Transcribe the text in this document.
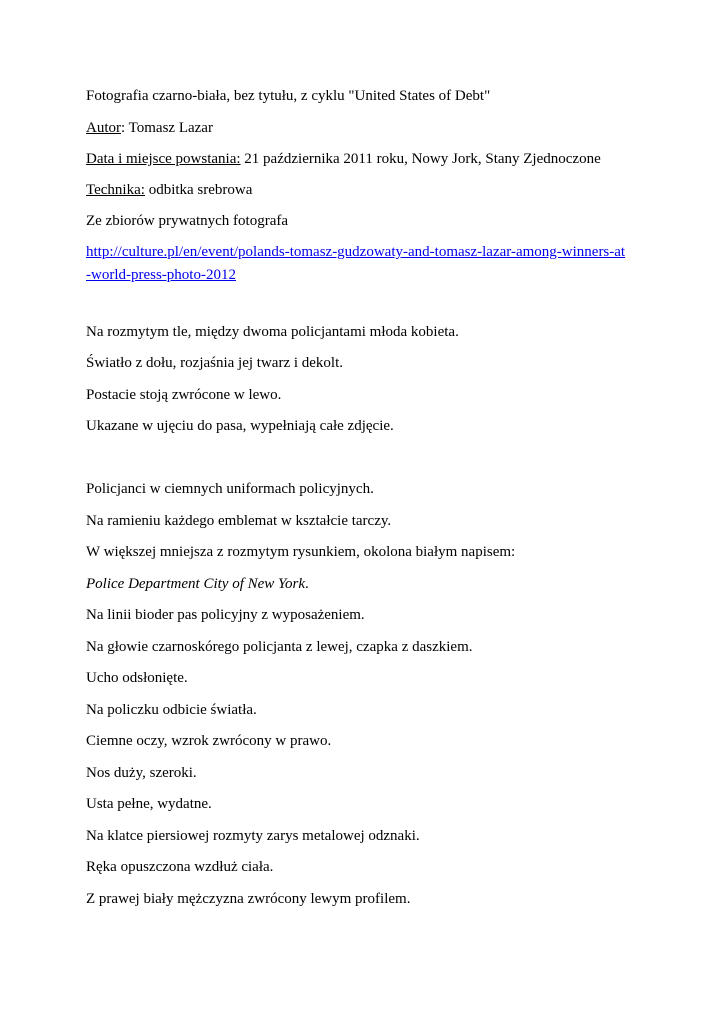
Fotografia czarno-biała, bez tytułu, z cyklu "United States of Debt"
Autor: Tomasz Lazar
Data i miejsce powstania: 21 października 2011 roku, Nowy Jork, Stany Zjednoczone
Technika: odbitka srebrowa
Ze zbiorów prywatnych fotografa
http://culture.pl/en/event/polands-tomasz-gudzowaty-and-tomasz-lazar-among-winners-at-world-press-photo-2012
Na rozmytym tle, między dwoma policjantami młoda kobieta.
Światło z dołu, rozjaśnia jej twarz i dekolt.
Postacie stoją zwrócone w lewo.
Ukazane w ujęciu do pasa, wypełniają całe zdjęcie.
Policjanci w ciemnych uniformach policyjnych.
Na ramieniu każdego emblemat w kształcie tarczy.
W większej mniejsza z rozmytym rysunkiem, okolona białym napisem:
Police Department City of New York.
Na linii bioder pas policyjny z wyposażeniem.
Na głowie czarnoskórego policjanta z lewej, czapka z daszkiem.
Ucho odsłonięte.
Na policzku odbicie światła.
Ciemne oczy, wzrok zwrócony w prawo.
Nos duży, szeroki.
Usta pełne, wydatne.
Na klatce piersiowej rozmyty zarys metalowej odznaki.
Ręka opuszczona wzdłuż ciała.
Z prawej biały mężczyzna zwrócony lewym profilem.
